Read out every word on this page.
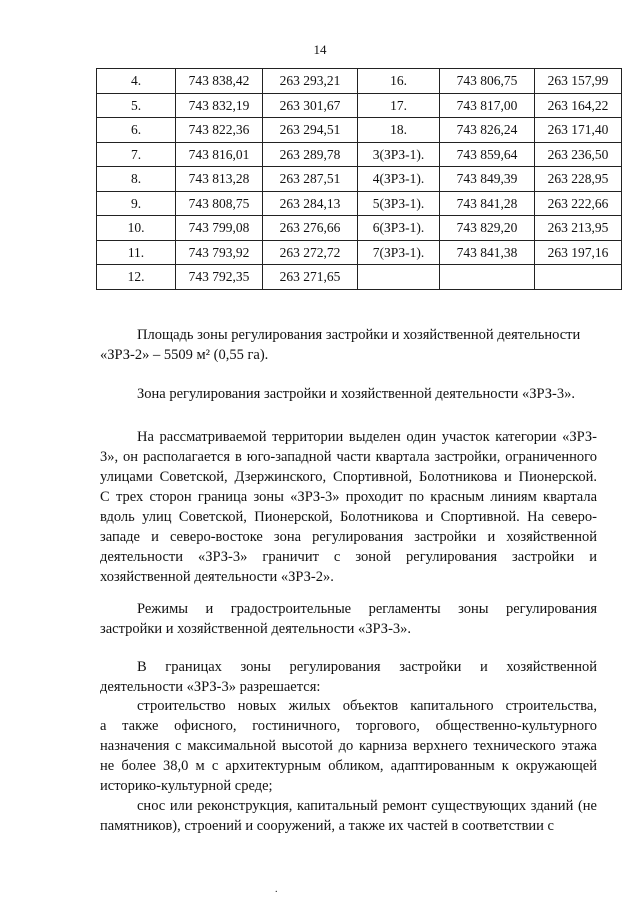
14
4.	743 838,42	263 293,21	16.	743 806,75	263 157,99
5.	743 832,19	263 301,67	17.	743 817,00	263 164,22
6.	743 822,36	263 294,51	18.	743 826,24	263 171,40
7.	743 816,01	263 289,78	3(ЗРЗ-1).	743 859,64	263 236,50
8.	743 813,28	263 287,51	4(ЗРЗ-1).	743 849,39	263 228,95
9.	743 808,75	263 284,13	5(ЗРЗ-1).	743 841,28	263 222,66
10.	743 799,08	263 276,66	6(ЗРЗ-1).	743 829,20	263 213,95
11.	743 793,92	263 272,72	7(ЗРЗ-1).	743 841,38	263 197,16
12.	743 792,35	263 271,65			

Площадь зоны регулирования застройки и хозяйственной деятельности

«ЗРЗ-2» – 5509 м² (0,55 га).

Зона регулирования застройки и хозяйственной деятельности «ЗРЗ-3».

На рассматриваемой территории выделен один участок категории «ЗРЗ-

3», он располагается в юго-западной части квартала застройки, ограниченного

улицами Советской, Дзержинского, Спортивной, Болотникова и Пионерской.

С трех сторон граница зоны «ЗРЗ-3» проходит по красным линиям квартала

вдоль улиц Советской, Пионерской, Болотникова и Спортивной. На северо-

западе и северо-востоке зона регулирования застройки и хозяйственной

деятельности «ЗРЗ-3» граничит с зоной регулирования застройки и

хозяйственной деятельности «ЗРЗ-2».

Режимы и градостроительные регламенты зоны регулирования

застройки и хозяйственной деятельности «ЗРЗ-3».

В границах зоны регулирования застройки и хозяйственной

деятельности «ЗРЗ-3» разрешается:

строительство новых жилых объектов капитального строительства,

а также офисного, гостиничного, торгового, общественно-культурного

назначения с максимальной высотой до карниза верхнего технического этажа

не более 38,0 м с архитектурным обликом, адаптированным к окружающей

историко-культурной среде;

снос или реконструкция, капитальный ремонт существующих зданий (не

памятников), строений и сооружений, а также их частей в соответствии с

.
